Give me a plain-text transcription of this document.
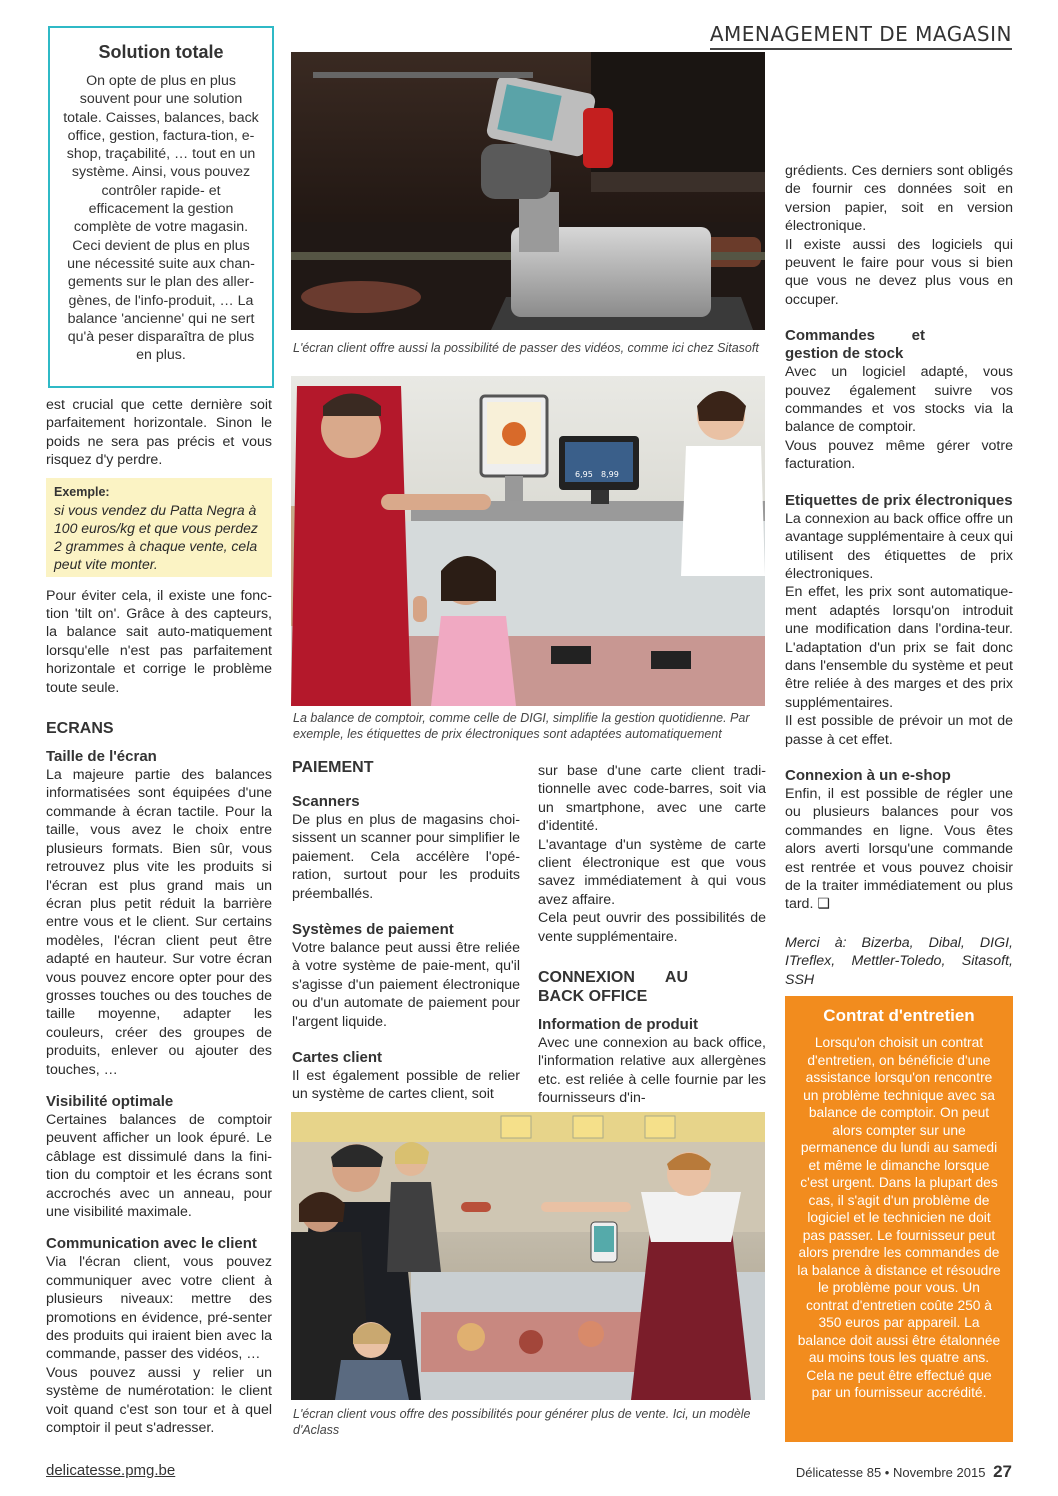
AMENAGEMENT DE MAGASIN
Solution totale

On opte de plus en plus souvent pour une solution totale. Caisses, balances, back office, gestion, factura-tion, e-shop, traçabilité, … tout en un système. Ainsi, vous pouvez contrôler rapide- et efficacement la gestion complète de votre magasin. Ceci devient de plus en plus une nécessité suite aux chan-gements sur le plan des aller-gènes, de l'info-produit, … La balance 'ancienne' qui ne sert qu'à peser disparaîtra de plus en plus.

est crucial que cette dernière soit parfaitement horizontale. Sinon le poids ne sera pas précis et vous risquez d'y perdre.

Exemple:
si vous vendez du Patta Negra à 100 euros/kg et que vous perdez 2 grammes à chaque vente, cela peut vite monter.

Pour éviter cela, il existe une fonc-tion 'tilt on'. Grâce à des capteurs, la balance sait auto-matiquement lorsqu'elle n'est pas parfaitement horizontale et corrige le problème toute seule.

ECRANS
Taille de l'écran

La majeure partie des balances informatisées sont équipées d'une commande à écran tactile. Pour la taille, vous avez le choix entre plusieurs formats. Bien sûr, vous retrouvez plus vite les produits si l'écran est plus grand mais un écran plus petit réduit la barrière entre vous et le client. Sur certains modèles, l'écran client peut être adapté en hauteur. Sur votre écran vous pouvez encore opter pour des grosses touches ou des touches de taille moyenne, adapter les couleurs, créer des groupes de produits, enlever ou ajouter des touches, …

Visibilité optimale

Certaines balances de comptoir peuvent afficher un look épuré. Le câblage est dissimulé dans la fini-tion du comptoir et les écrans sont accrochés avec un anneau, pour une visibilité maximale.

Communication avec le client

Via l'écran client, vous pouvez communiquer avec votre client à plusieurs niveaux: mettre des promotions en évidence, pré-senter des produits qui iraient bien avec la commande, passer des vidéos, …

Vous pouvez aussi y relier un système de numérotation: le client voit quand c'est son tour et à quel comptoir il peut s'adresser.

L'écran client offre aussi la possibilité de passer des vidéos, comme ici chez Sitasoft
6,95 8,99
La balance de comptoir, comme celle de DIGI, simplifie la gestion quotidienne. Par exemple, les étiquettes de prix électroniques sont adaptées automatiquement
PAIEMENT
Scanners

De plus en plus de magasins choi-sissent un scanner pour simplifier le paiement. Cela accélère l'opé-ration, surtout pour les produits préemballés.

Systèmes de paiement

Votre balance peut aussi être reliée à votre système de paie-ment, qu'il s'agisse d'un paiement électronique ou d'un automate de paiement pour l'argent liquide.

Cartes client

Il est également possible de relier un système de cartes client, soit

sur base d'une carte client tradi-tionnelle avec code-barres, soit via un smartphone, avec une carte d'identité.

L'avantage d'un système de carte client électronique est que vous savez immédiatement à qui vous avez affaire.

Cela peut ouvrir des possibilités de vente supplémentaire.

CONNEXION AU BACK OFFICE
Information de produit

Avec une connexion au back office, l'information relative aux allergènes etc. est reliée à celle fournie par les fournisseurs d'in-

L'écran client vous offre des possibilités pour générer plus de vente. Ici, un modèle d'Aclass

grédients. Ces derniers sont obligés de fournir ces données soit en version papier, soit en version électronique.

Il existe aussi des logiciels qui peuvent le faire pour vous si bien que vous ne devez plus vous en occuper.

Commandes et gestion de stock

Avec un logiciel adapté, vous pouvez également suivre vos commandes et vos stocks via la balance de comptoir.

Vous pouvez même gérer votre facturation.

Etiquettes de prix électroniques

La connexion au back office offre un avantage supplémentaire à ceux qui utilisent des étiquettes de prix électroniques.

En effet, les prix sont automatique-ment adaptés lorsqu'on introduit une modification dans l'ordina-teur. L'adaptation d'un prix se fait donc dans l'ensemble du système et peut être reliée à des marges et des prix supplémentaires.

Il est possible de prévoir un mot de passe à cet effet.

Connexion à un e-shop

Enfin, il est possible de régler une ou plusieurs balances pour vos commandes en ligne. Vous êtes alors averti lorsqu'une commande est rentrée et vous pouvez choisir de la traiter immédiatement ou plus tard. ❑

Merci à: Bizerba, Dibal, DIGI, ITreflex, Mettler-Toledo, Sitasoft, SSH

Contrat d'entretien

Lorsqu'on choisit un contrat d'entretien, on bénéficie d'une assistance lorsqu'on rencontre un problème technique avec sa balance de comptoir. On peut alors compter sur une permanence du lundi au samedi et même le dimanche lorsque c'est urgent. Dans la plupart des cas, il s'agit d'un problème de logiciel et le technicien ne doit pas passer. Le fournisseur peut alors prendre les commandes de la balance à distance et résoudre le problème pour vous. Un contrat d'entretien coûte 250 à 350 euros par appareil. La balance doit aussi être étalonnée au moins tous les quatre ans. Cela ne peut être effectué que par un fournisseur accrédité.

delicatesse.pmg.be	Délicatesse 85 • Novembre 2015 27
